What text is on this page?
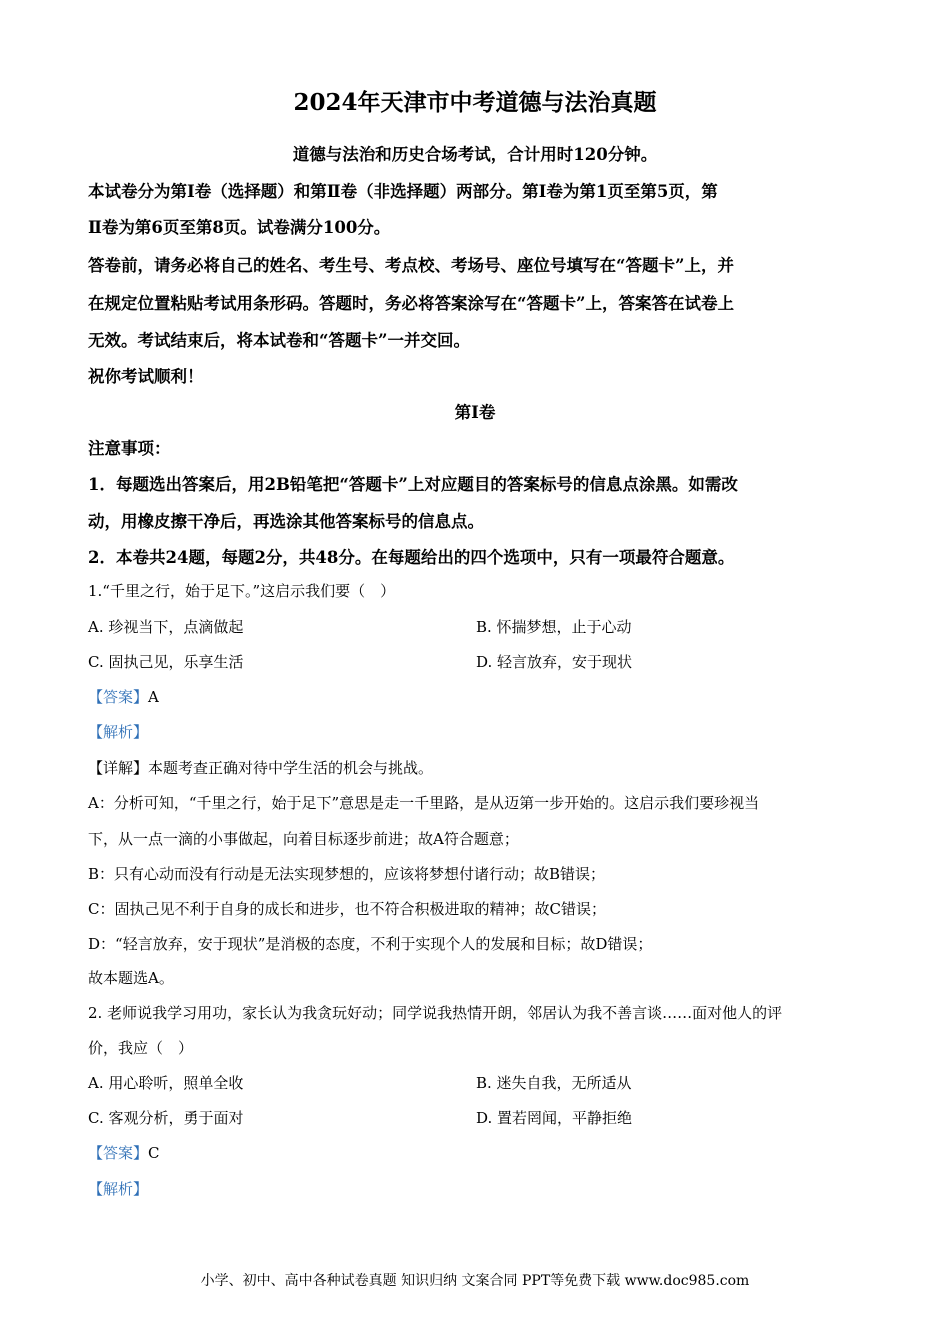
2024年天津市中考道德与法治真题
道德与法治和历史合场考试，合计用时120分钟。
本试卷分为第Ⅰ卷（选择题）和第Ⅱ卷（非选择题）两部分。第Ⅰ卷为第1页至第5页，第
Ⅱ卷为第6页至第8页。试卷满分100分。
答卷前，请务必将自己的姓名、考生号、考点校、考场号、座位号填写在“答题卡”上，并
在规定位置粘贴考试用条形码。答题时，务必将答案涂写在“答题卡”上，答案答在试卷上
无效。考试结束后，将本试卷和“答题卡”一并交回。
祝你考试顺利！
第Ⅰ卷
注意事项：
1．每题选出答案后，用2B铅笔把“答题卡”上对应题目的答案标号的信息点涂黑。如需改
动，用橡皮擦干净后，再选涂其他答案标号的信息点。
2．本卷共24题，每题2分，共48分。在每题给出的四个选项中，只有一项最符合题意。
1.“千里之行，始于足下。”这启示我们要（　）
A. 珍视当下，点滴做起	B. 怀揣梦想，止于心动
C. 固执己见，乐享生活	D. 轻言放弃，安于现状
【答案】A
【解析】
【详解】本题考查正确对待中学生活的机会与挑战。
A：分析可知，“千里之行，始于足下”意思是走一千里路，是从迈第一步开始的。这启示我们要珍视当
下，从一点一滴的小事做起，向着目标逐步前进；故A符合题意；
B：只有心动而没有行动是无法实现梦想的，应该将梦想付诸行动；故B错误；
C：固执己见不利于自身的成长和进步，也不符合积极进取的精神；故C错误；
D：“轻言放弃，安于现状”是消极的态度，不利于实现个人的发展和目标；故D错误；
故本题选A。
2. 老师说我学习用功，家长认为我贪玩好动；同学说我热情开朗，邻居认为我不善言谈……面对他人的评
价，我应（　）
A. 用心聆听，照单全收	B. 迷失自我，无所适从
C. 客观分析，勇于面对	D. 置若罔闻，平静拒绝
【答案】C
【解析】
小学、初中、高中各种试卷真题 知识归纳 文案合同 PPT等免费下载 www.doc985.com
